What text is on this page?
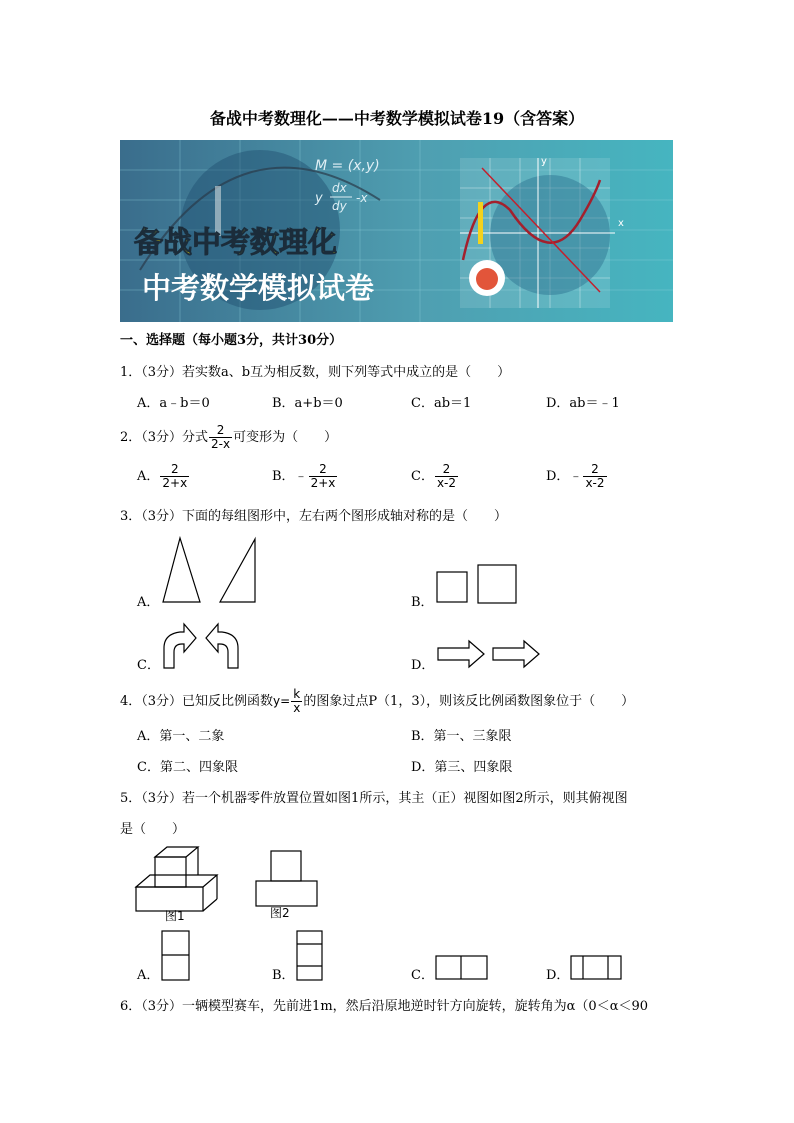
备战中考数理化——中考数学模拟试卷19（含答案）
M = (x,y)
y
dx
dy
-x
备战中考数理化
中考数学模拟试卷
x
y
一、选择题（每小题3分，共计30分）
1．（3分）若实数a、b互为相反数，则下列等式中成立的是（　　）
A．a﹣b＝0	B．a+b＝0	C．ab＝1	D．ab＝﹣1
2．（3分）分式 $\frac{2}{2-x}$ 可变形为（　　）
A． $\frac{2}{2+x}$	B．﹣ $\frac{2}{2+x}$	C． $\frac{2}{x-2}$	D．﹣ $\frac{2}{x-2}$
3．（3分）下面的每组图形中，左右两个图形成轴对称的是（　　）
A．	B．
C．	D．
4．（3分）已知反比例函数$y= \frac{k}{x}$ 的图象过点P（1，3），则该反比例函数图象位于（　　）
A．第一、二象	B．第一、三象限
C．第二、四象限	D．第三、四象限
5．（3分）若一个机器零件放置位置如图1所示，其主（正）视图如图2所示，则其俯视图
是（　　）
图1	图2
A．	B．	C．	D．
6．（3分）一辆模型赛车，先前进1m，然后沿原地逆时针方向旋转，旋转角为α（0＜α＜90
